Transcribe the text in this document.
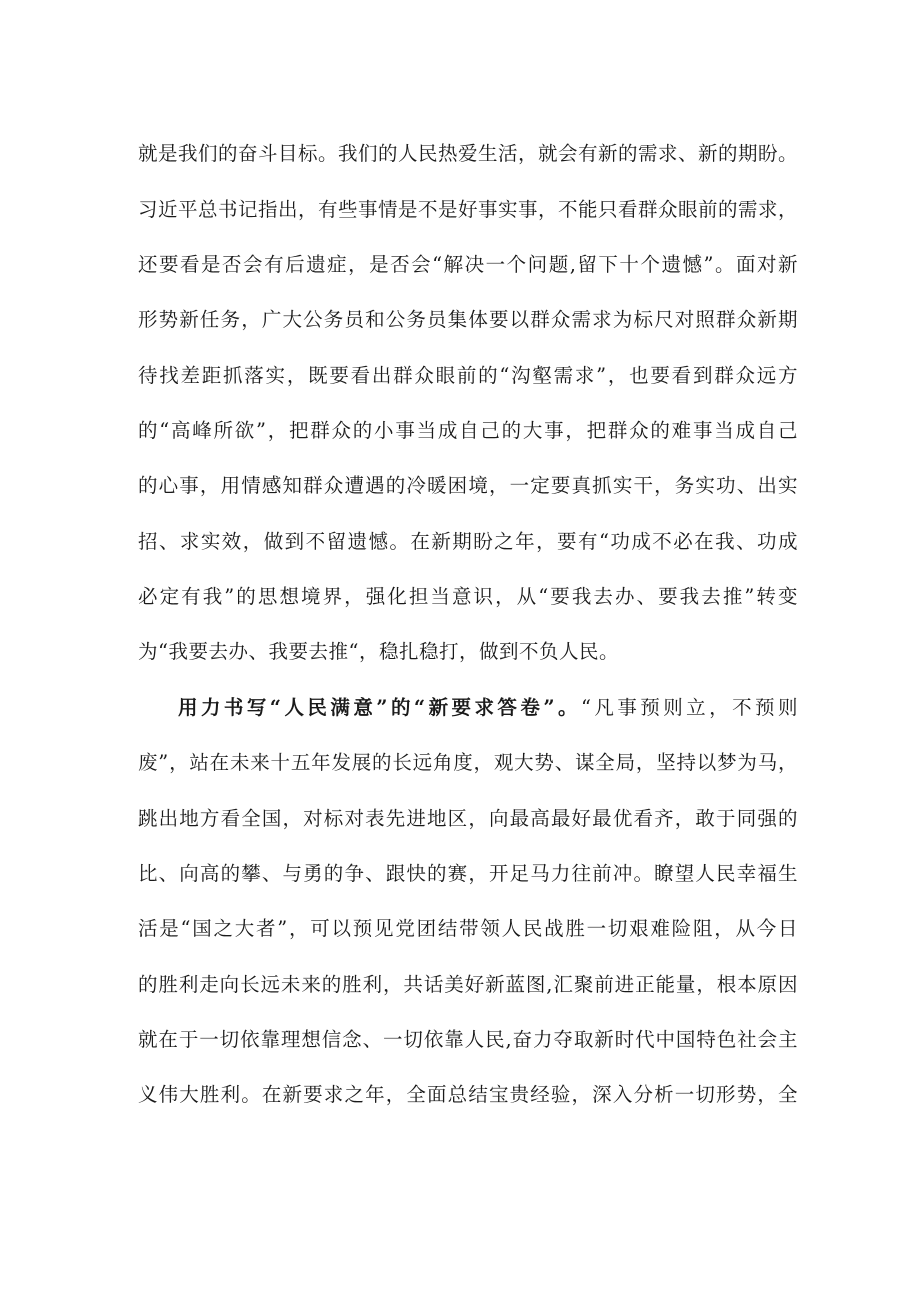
就是我们的奋斗目标。我们的人民热爱生活，就会有新的需求、新的期盼。
习近平总书记指出，有些事情是不是好事实事，不能只看群众眼前的需求，
还要看是否会有后遗症，是否会“解决一个问题,留下十个遗憾”。面对新
形势新任务，广大公务员和公务员集体要以群众需求为标尺对照群众新期
待找差距抓落实，既要看出群众眼前的“沟壑需求”，也要看到群众远方
的“高峰所欲”，把群众的小事当成自己的大事，把群众的难事当成自己
的心事，用情感知群众遭遇的冷暖困境，一定要真抓实干，务实功、出实
招、求实效，做到不留遗憾。在新期盼之年，要有“功成不必在我、功成
必定有我”的思想境界，强化担当意识，从“要我去办、要我去推”转变
为“我要去办、我要去推“，稳扎稳打，做到不负人民。
用力书写“人民满意”的“新要求答卷”。“凡事预则立，不预则
废”，站在未来十五年发展的长远角度，观大势、谋全局，坚持以梦为马，
跳出地方看全国，对标对表先进地区，向最高最好最优看齐，敢于同强的
比、向高的攀、与勇的争、跟快的赛，开足马力往前冲。瞭望人民幸福生
活是“国之大者”，可以预见党团结带领人民战胜一切艰难险阻，从今日
的胜利走向长远未来的胜利，共话美好新蓝图,汇聚前进正能量，根本原因
就在于一切依靠理想信念、一切依靠人民,奋力夺取新时代中国特色社会主
义伟大胜利。在新要求之年，全面总结宝贵经验，深入分析一切形势，全
